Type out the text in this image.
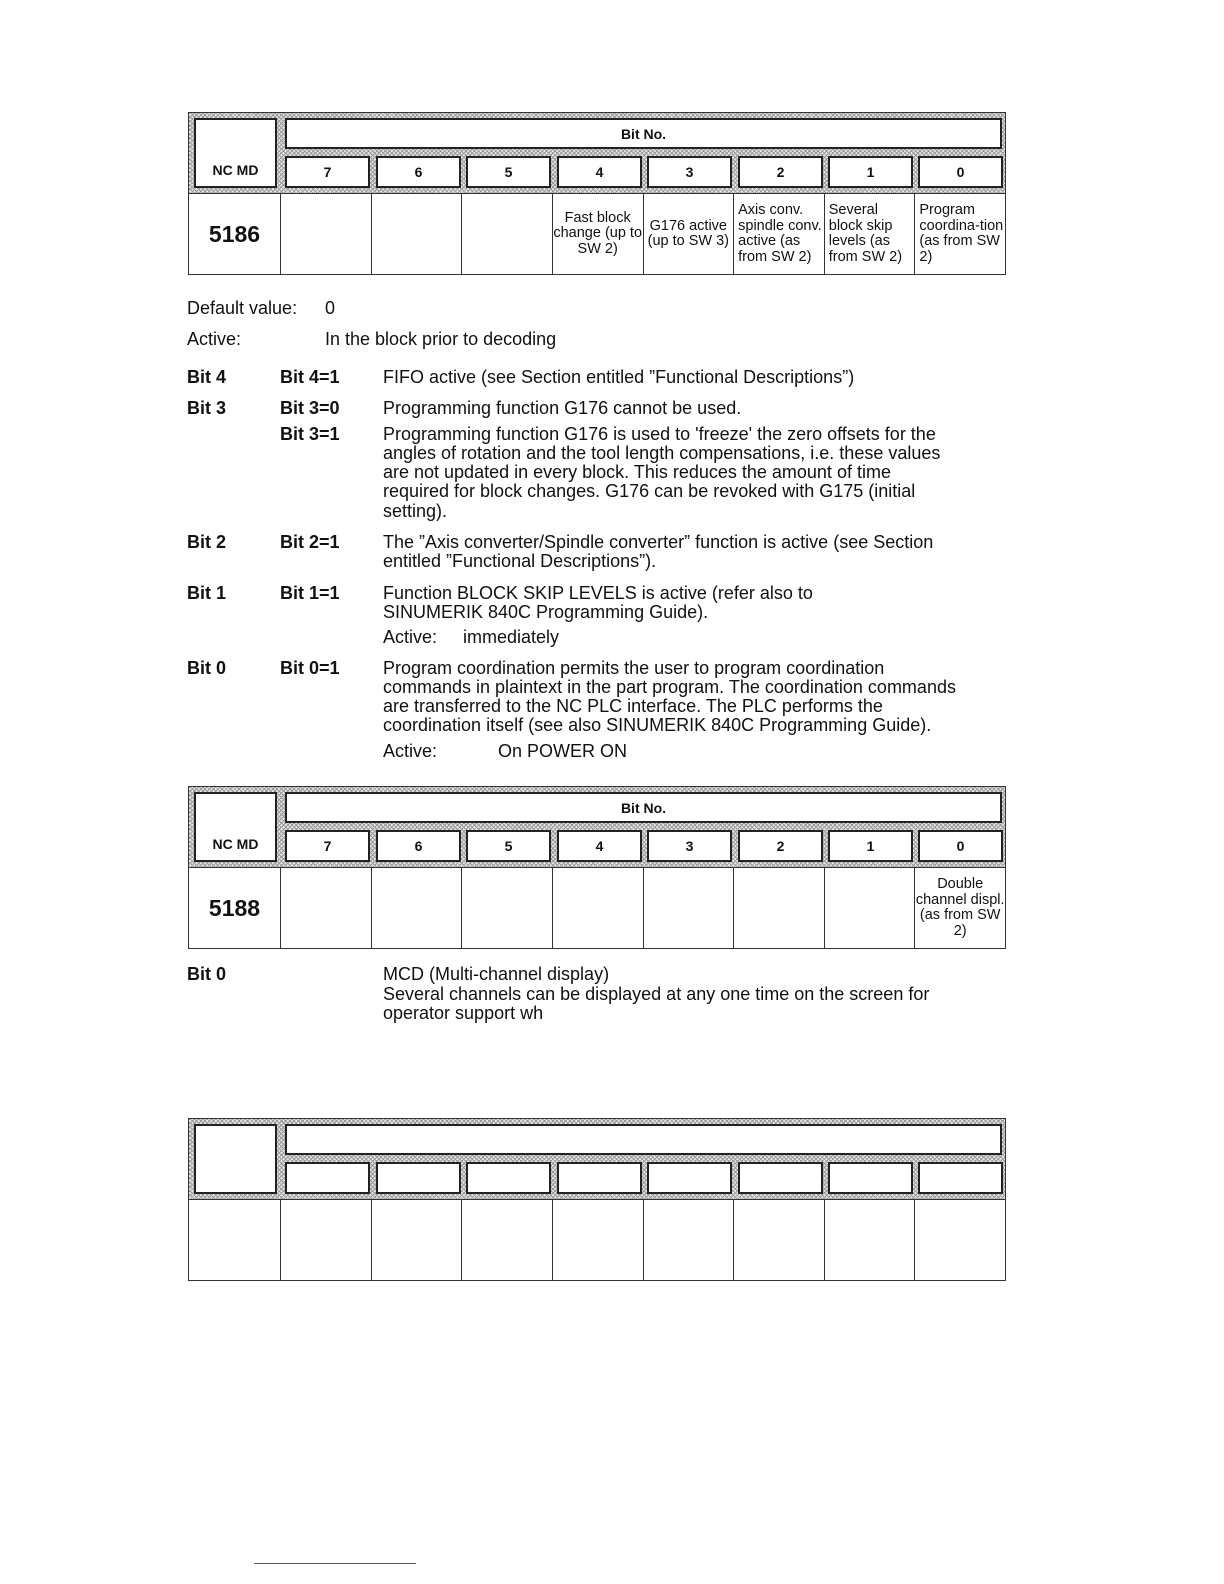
NC MD
Bit No.
7	6	5	4	3	2	1	0

5186				Fast block change (up to SW 2)	G176 active (up to SW 3)	Axis conv. spindle conv. active (as from SW 2)	Several block skip levels (as from SW 2)	Program coordina-tion (as from SW 2)
Default value: 0
Active:	In the block prior to decoding
Bit 4	Bit 4=1 FIFO active (see Section entitled ”Functional Descriptions”)
Bit 3	Bit 3=0 Programming function G176 cannot be used.
Bit 3=1 Programming function G176 is used to 'freeze' the zero offsets for the
angles of rotation and the tool length compensations, i.e. these values
are not updated in every block. This reduces the amount of time
required for block changes. G176 can be revoked with G175 (initial
setting).
Bit 2	Bit 2=1 The ”Axis converter/Spindle converter” function is active (see Section
entitled ”Functional Descriptions”).
Bit 1	Bit 1=1 Function BLOCK SKIP LEVELS is active (refer also to
SINUMERIK 840C Programming Guide).
Active: immediately
Bit 0	Bit 0=1 Program coordination permits the user to program coordination
commands in plaintext in the part program. The coordination commands
are transferred to the NC PLC interface. The PLC performs the
coordination itself (see also SINUMERIK 840C Programming Guide).
Active:	On POWER ON
NC MD
Bit No.
7	6	5	4	3	2	1	0

5188								Double channel displ. (as from SW 2)
Bit 0	MCD (Multi-channel display)
Several channels can be displayed at any one time on the screen for
operator support wh
